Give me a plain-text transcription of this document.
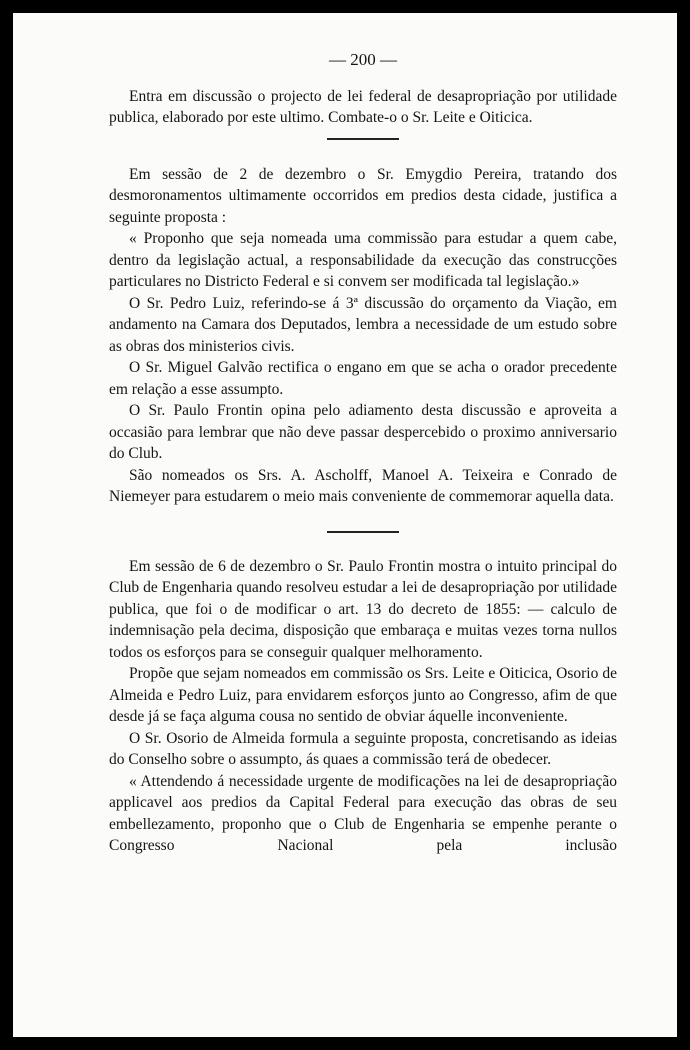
— 200 —

Entra em discussão o projecto de lei federal de desapropriação por utilidade publica, elaborado por este ultimo. Combate-o o Sr. Leite e Oiticica.

Em sessão de 2 de dezembro o Sr. Emygdio Pereira, tratando dos desmoronamentos ultimamente occorridos em predios desta cidade, justifica a seguinte proposta :

« Proponho que seja nomeada uma commissão para estudar a quem cabe, dentro da legislação actual, a responsabilidade da execução das construcções particulares no Districto Federal e si convem ser modificada tal legislação.»

O Sr. Pedro Luiz, referindo-se á 3ª discussão do orçamento da Viação, em andamento na Camara dos Deputados, lembra a necessidade de um estudo sobre as obras dos ministerios civis.

O Sr. Miguel Galvão rectifica o engano em que se acha o orador precedente em relação a esse assumpto.

O Sr. Paulo Frontin opina pelo adiamento desta discussão e aproveita a occasião para lembrar que não deve passar despercebido o proximo anniversario do Club.

São nomeados os Srs. A. Ascholff, Manoel A. Teixeira e Conrado de Niemeyer para estudarem o meio mais conveniente de commemorar aquella data.

Em sessão de 6 de dezembro o Sr. Paulo Frontin mostra o intuito principal do Club de Engenharia quando resolveu estudar a lei de desapropriação por utilidade publica, que foi o de modificar o art. 13 do decreto de 1855: — calculo de indemnisação pela decima, disposição que embaraça e muitas vezes torna nullos todos os esforços para se conseguir qualquer melhoramento.

Propõe que sejam nomeados em commissão os Srs. Leite e Oiticica, Osorio de Almeida e Pedro Luiz, para envidarem esforços junto ao Congresso, afim de que desde já se faça alguma cousa no sentido de obviar áquelle inconveniente.

O Sr. Osorio de Almeida formula a seguinte proposta, concretisando as ideias do Conselho sobre o assumpto, ás quaes a commissão terá de obedecer.

« Attendendo á necessidade urgente de modificações na lei de desapropriação applicavel aos predios da Capital Federal para execução das obras de seu embellezamento, proponho que o Club de Engenharia se empenhe perante o Congresso Nacional pela inclusão
